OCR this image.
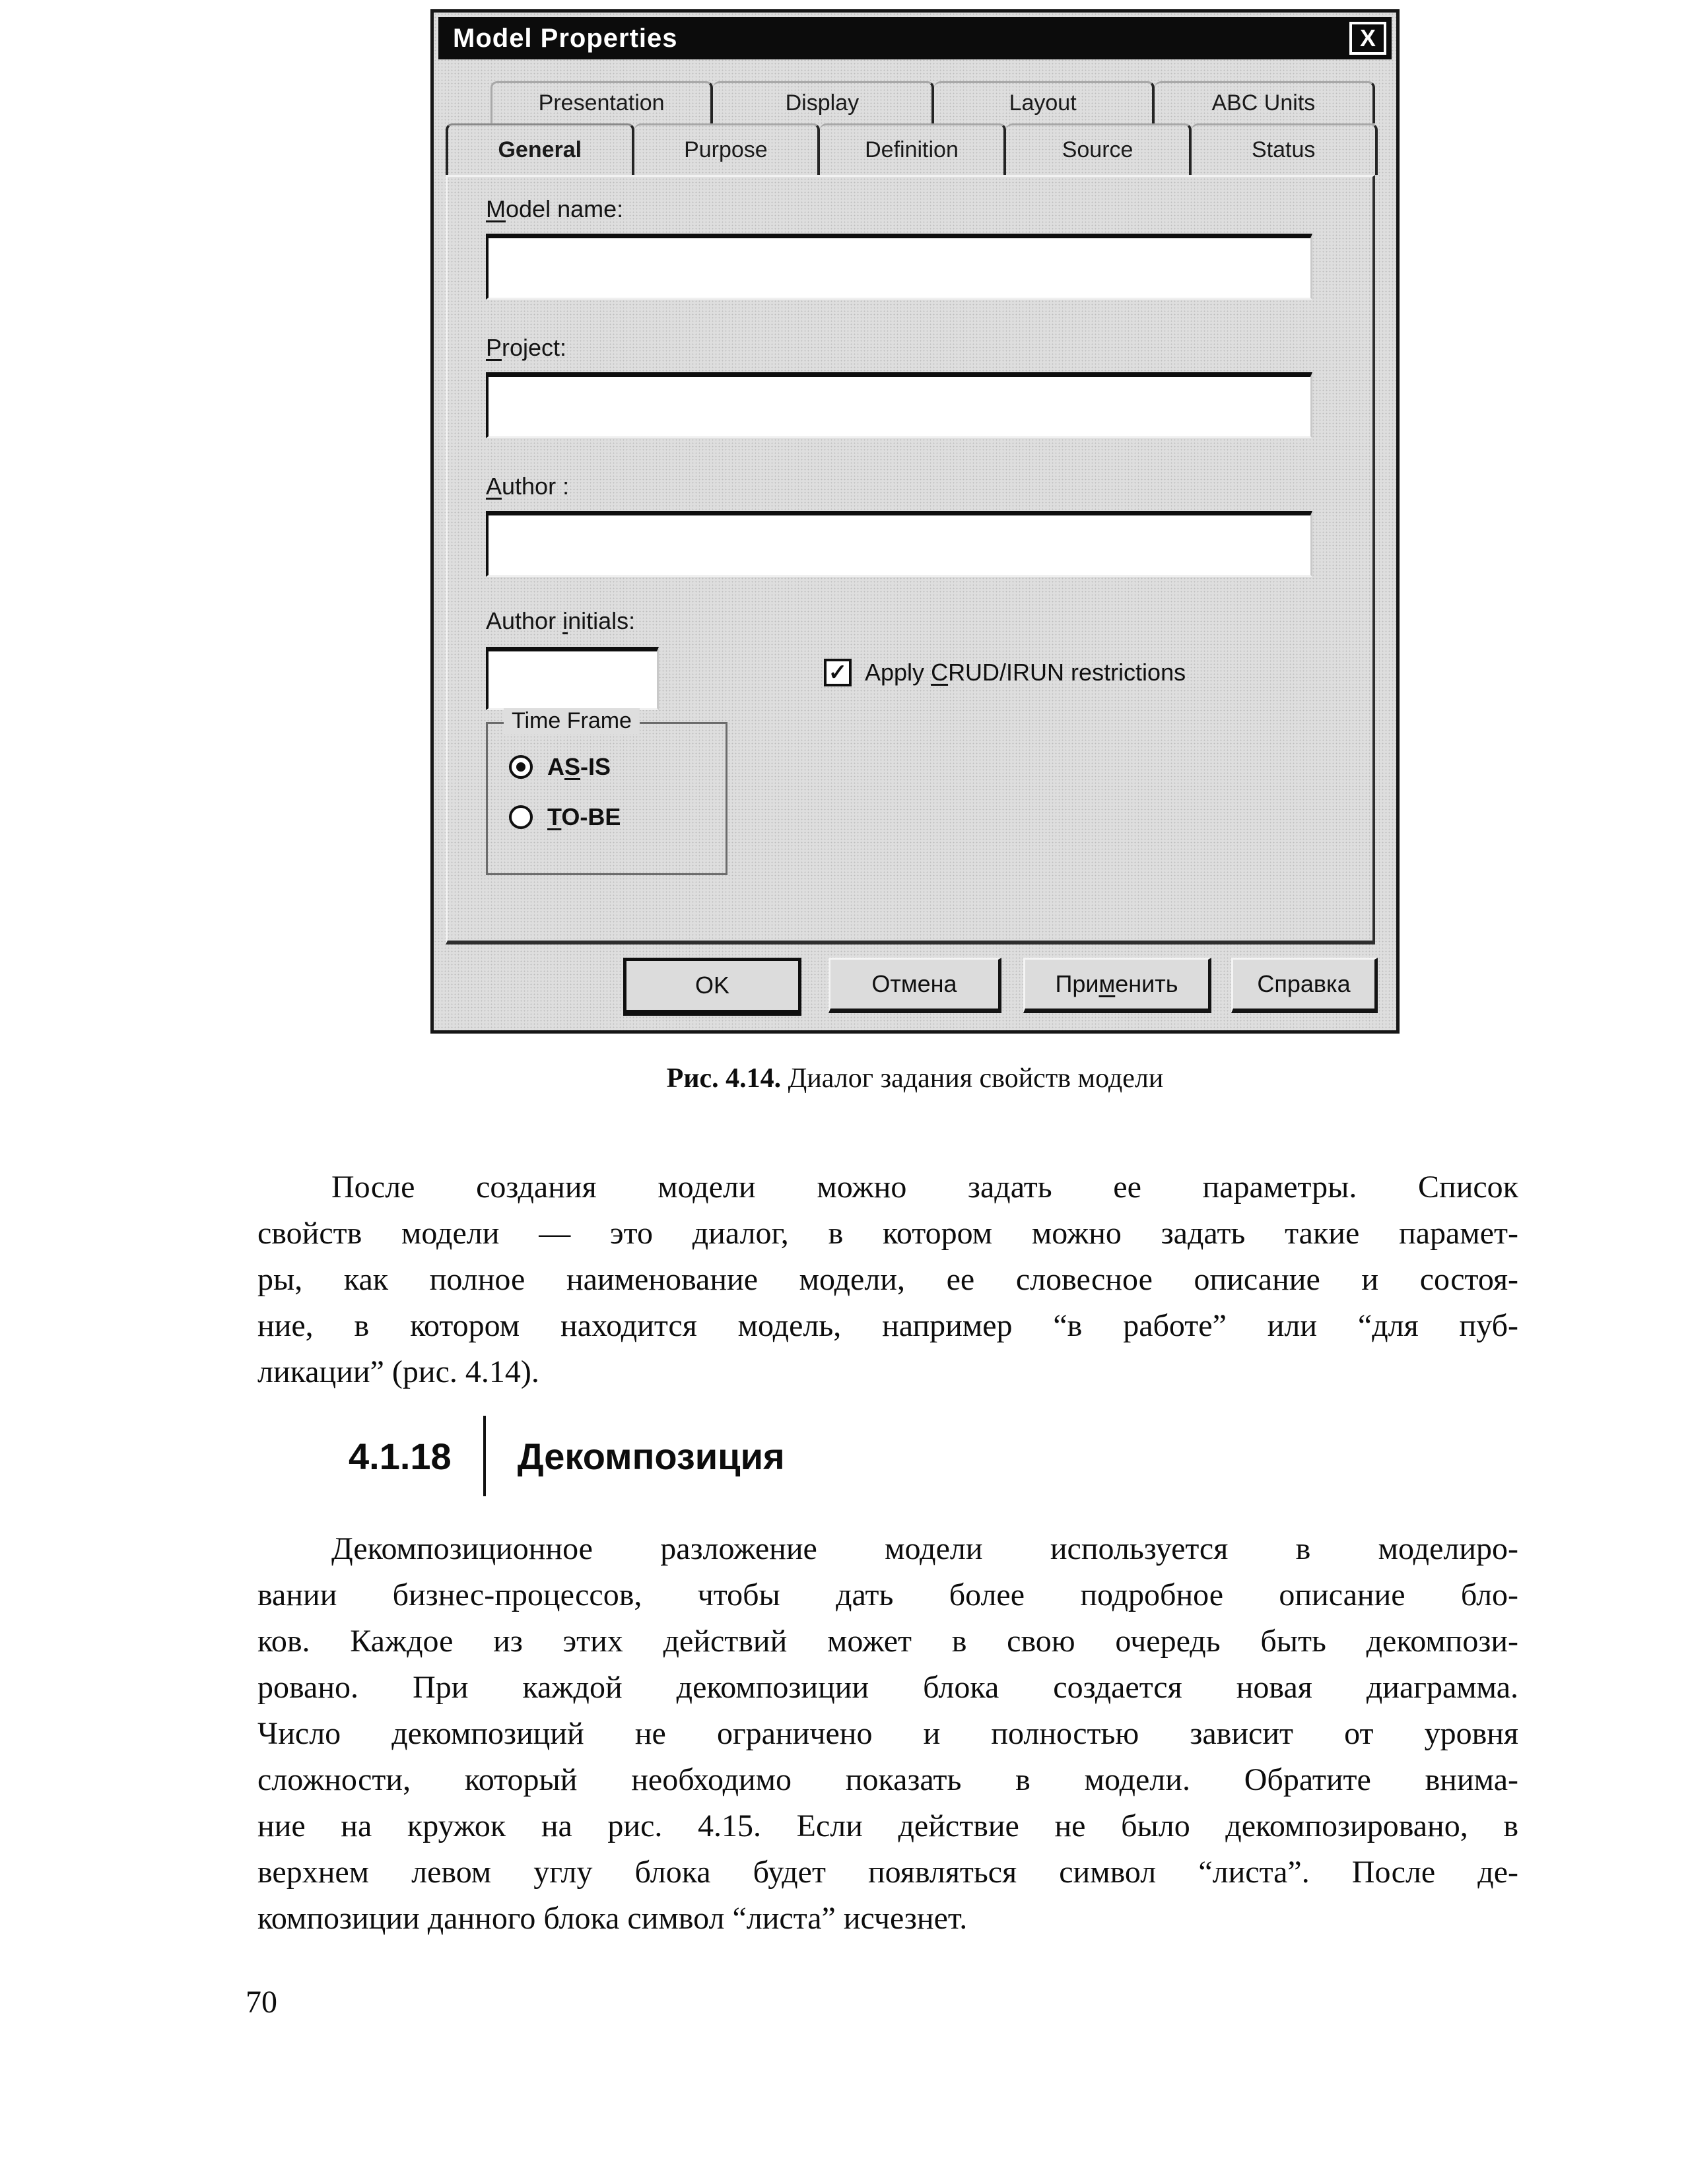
Model Properties	X
Presentation	Display	Layout	ABC Units
General	Purpose	Definition	Source	Status
Model name:
Project:
Author :
Author initials:
✓ Apply CRUD/IRUN restrictions
Time Frame
AS-IS
TO-BE
OK	Отмена	При м енить	Справка
Рис. 4.14. Диалог задания свойств модели
После создания модели можно задать ее параметры. Список
свойств модели — это диалог, в котором можно задать такие парамет-
ры, как полное наименование модели, ее словесное описание и состоя-
ние, в котором находится модель, например “в работе” или “для пуб-
ликации” (рис. 4.14).
4.1.18 Декомпозиция
Декомпозиционное разложение модели используется в моделиро-
вании бизнес-процессов, чтобы дать более подробное описание бло-
ков. Каждое из этих действий может в свою очередь быть декомпози-
ровано. При каждой декомпозиции блока создается новая диаграмма.
Число декомпозиций не ограничено и полностью зависит от уровня
сложности, который необходимо показать в модели. Обратите внима-
ние на кружок на рис. 4.15. Если действие не было декомпозировано, в
верхнем левом углу блока будет появляться символ “листа”. После де-
композиции данного блока символ “листа” исчезнет.
70
